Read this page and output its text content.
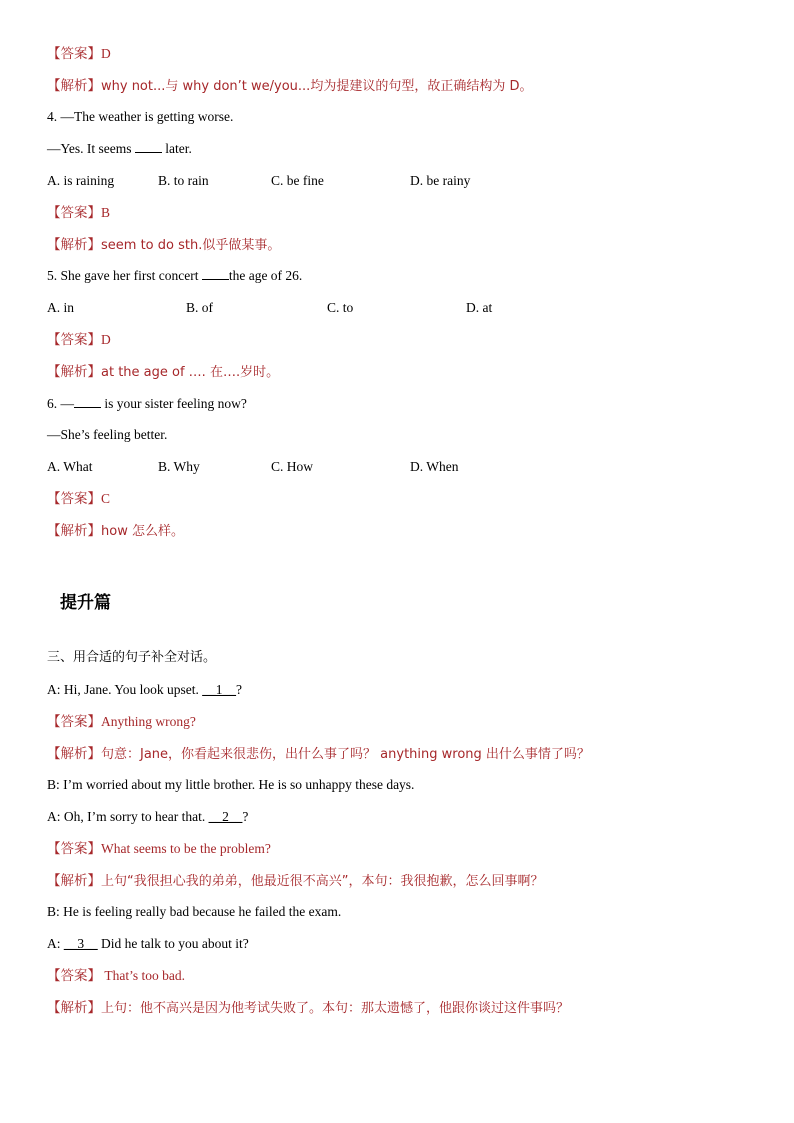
【答案】D
【解析】why not...与 why don’t we/you...均为提建议的句型，故正确结构为 D。
4. —The weather is getting worse.
—Yes. It seems  later.
A. is raining	B. to rain	C. be fine	D. be rainy
【答案】B
【解析】seem to do sth.似乎做某事。
5. She gave her first concert the age of 26.
A. in	B. of	C. to	D. at
【答案】D
【解析】at the age of …. 在….岁时。
6. — is your sister feeling now?
—She’s feeling better.
A. What	B. Why	C. How	D. When
【答案】C
【解析】how 怎么样。
提升篇
三、用合适的句子补全对话。
A: Hi, Jane. You look upset. __1__?
【答案】Anything wrong?
【解析】句意：Jane，你看起来很悲伤，出什么事了吗？ anything wrong 出什么事情了吗？
B: I’m worried about my little brother. He is so unhappy these days.
A: Oh, I’m sorry to hear that. __2__?
【答案】What seems to be the problem?
【解析】上句“我很担心我的弟弟，他最近很不高兴”，本句：我很抱歉，怎么回事啊？
B: He is feeling really bad because he failed the exam.
A: __3__ Did he talk to you about it?
【答案】 That’s too bad.
【解析】上句：他不高兴是因为他考试失败了。本句：那太遗憾了，他跟你谈过这件事吗？
